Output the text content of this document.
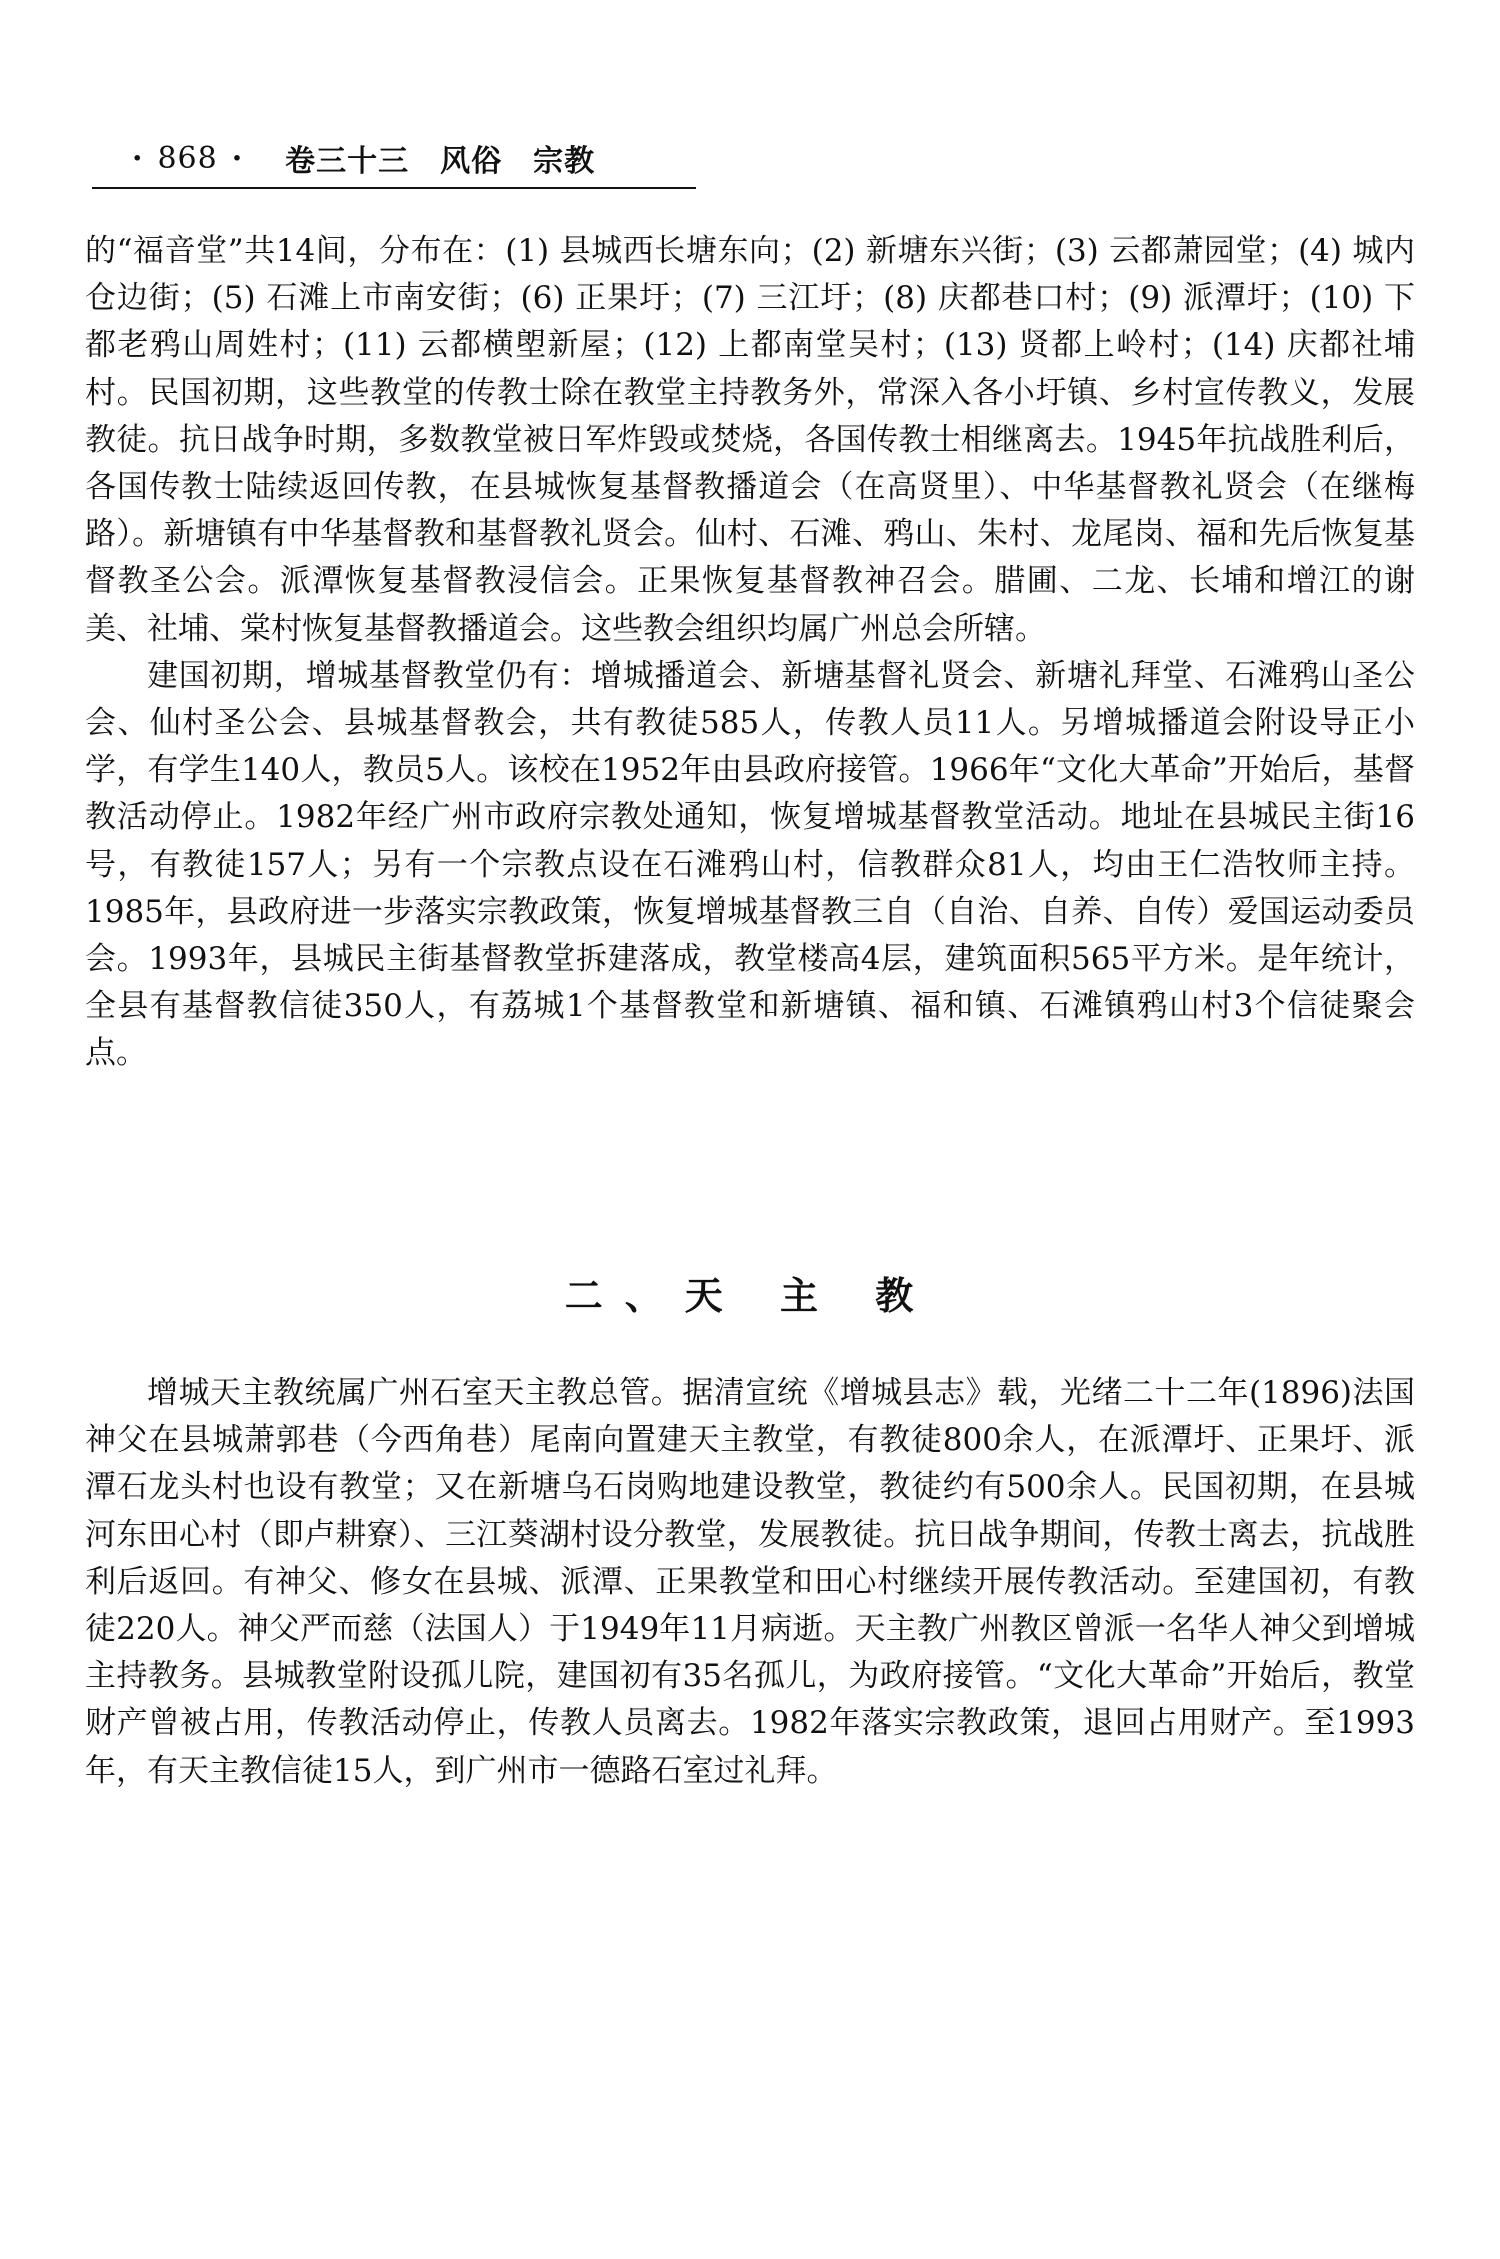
· 868 · 卷三十三　风俗　宗教

的“福音堂”共14间，分布在：(1) 县城西长塘东向；(2) 新塘东兴街；(3) 云都萧园堂；(4) 城内仓边街；(5) 石滩上市南安街；(6) 正果圩；(7) 三江圩；(8) 庆都巷口村；(9) 派潭圩；(10) 下都老鸦山周姓村；(11) 云都横塱新屋；(12) 上都南堂吴村；(13) 贤都上岭村；(14) 庆都社埔村。民国初期，这些教堂的传教士除在教堂主持教务外，常深入各小圩镇、乡村宣传教义，发展教徒。抗日战争时期，多数教堂被日军炸毁或焚烧，各国传教士相继离去。1945年抗战胜利后，各国传教士陆续返回传教，在县城恢复基督教播道会（在高贤里）、中华基督教礼贤会（在继梅路）。新塘镇有中华基督教和基督教礼贤会。仙村、石滩、鸦山、朱村、龙尾岗、福和先后恢复基督教圣公会。派潭恢复基督教浸信会。正果恢复基督教神召会。腊圃、二龙、长埔和增江的谢美、社埔、棠村恢复基督教播道会。这些教会组织均属广州总会所辖。

建国初期，增城基督教堂仍有：增城播道会、新塘基督礼贤会、新塘礼拜堂、石滩鸦山圣公会、仙村圣公会、县城基督教会，共有教徒585人，传教人员11人。另增城播道会附设导正小学，有学生140人，教员5人。该校在1952年由县政府接管。1966年“文化大革命”开始后，基督教活动停止。1982年经广州市政府宗教处通知，恢复增城基督教堂活动。地址在县城民主街16号，有教徒157人；另有一个宗教点设在石滩鸦山村，信教群众81人，均由王仁浩牧师主持。1985年，县政府进一步落实宗教政策，恢复增城基督教三自（自治、自养、自传）爱国运动委员会。1993年，县城民主街基督教堂拆建落成，教堂楼高4层，建筑面积565平方米。是年统计，全县有基督教信徒350人，有荔城1个基督教堂和新塘镇、福和镇、石滩镇鸦山村3个信徒聚会点。

二、天 主 教

增城天主教统属广州石室天主教总管。据清宣统《增城县志》载，光绪二十二年(1896)法国神父在县城萧郭巷（今西角巷）尾南向置建天主教堂，有教徒800余人，在派潭圩、正果圩、派潭石龙头村也设有教堂；又在新塘乌石岗购地建设教堂，教徒约有500余人。民国初期，在县城河东田心村（即卢耕寮）、三江葵湖村设分教堂，发展教徒。抗日战争期间，传教士离去，抗战胜利后返回。有神父、修女在县城、派潭、正果教堂和田心村继续开展传教活动。至建国初，有教徒220人。神父严而慈（法国人）于1949年11月病逝。天主教广州教区曾派一名华人神父到增城主持教务。县城教堂附设孤儿院，建国初有35名孤儿，为政府接管。“文化大革命”开始后，教堂财产曾被占用，传教活动停止，传教人员离去。1982年落实宗教政策，退回占用财产。至1993年，有天主教信徒15人，到广州市一德路石室过礼拜。
